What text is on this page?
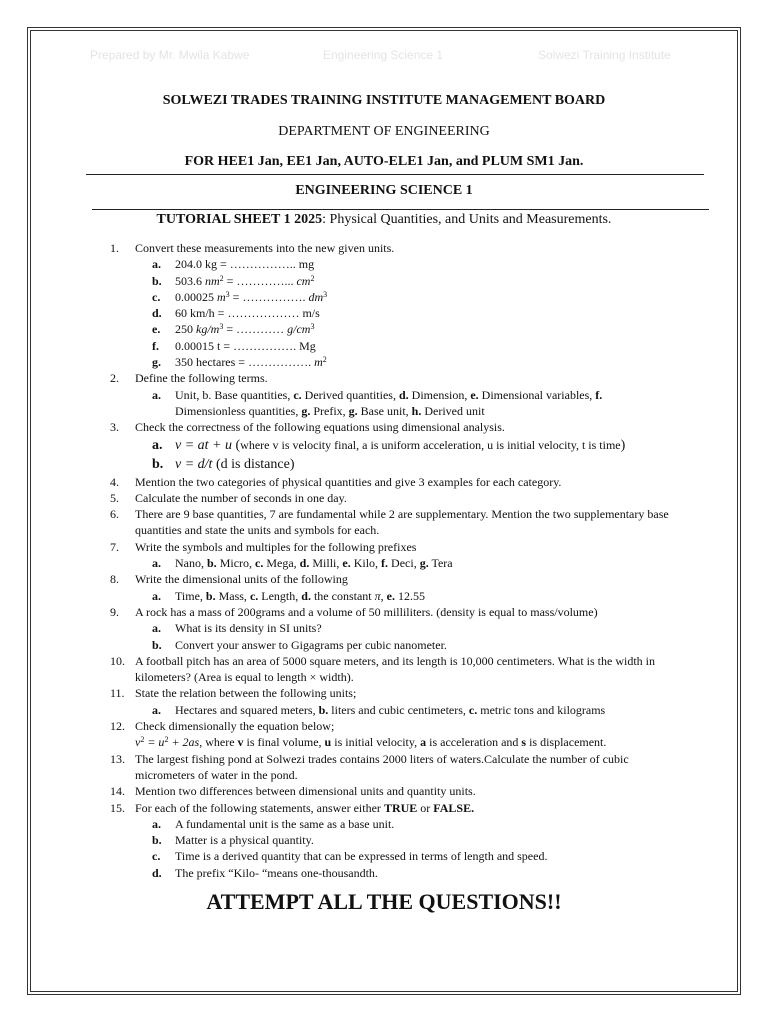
Prepared by Mr. Mwila Kabwe	Engineering Science 1	Solwezi Training Institute
SOLWEZI TRADES TRAINING INSTITUTE MANAGEMENT BOARD
DEPARTMENT OF ENGINEERING
FOR HEE1 Jan, EE1 Jan, AUTO-ELE1 Jan, and PLUM SM1 Jan.
ENGINEERING SCIENCE 1
TUTORIAL SHEET 1 2025: Physical Quantities, and Units and Measurements.
1. Convert these measurements into the new given units.
a. 204.0 kg = …………….. mg
b. 503.6 $nm^2$ = …………... $cm^2$
c. 0.00025 $m^3$ = ……………. $dm^3$
d. 60 km/h = ……………… m/s
e. 250 $kg/m^3$ = ………… $g/cm^3$
f. 0.00015 t = ……………. Mg
g. 350 hectares = ……………. $m^2$
2. Define the following terms.
a. Unit, b. Base quantities, c. Derived quantities, d. Dimension, e. Dimensional variables, f.
Dimensionless quantities, g. Prefix, g. Base unit, h. Derived unit
3. Check the correctness of the following equations using dimensional analysis.
a. v = at + u (where v is velocity final, a is uniform acceleration, u is initial velocity, t is time)
b. v = d/t (d is distance)
4. Mention the two categories of physical quantities and give 3 examples for each category.
5. Calculate the number of seconds in one day.
6. There are 9 base quantities, 7 are fundamental while 2 are supplementary. Mention the two supplementary base quantities and state the units and symbols for each.
7. Write the symbols and multiples for the following prefixes
a. Nano, b. Micro, c. Mega, d. Milli, e. Kilo, f. Deci, g. Tera
8. Write the dimensional units of the following
a. Time, b. Mass, c. Length, d. the constant π, e. 12.55
9. A rock has a mass of 200grams and a volume of 50 milliliters. (density is equal to mass/volume)
a. What is its density in SI units?
b. Convert your answer to Gigagrams per cubic nanometer.
10. A football pitch has an area of 5000 square meters, and its length is 10,000 centimeters. What is the width in kilometers? (Area is equal to length × width).
11. State the relation between the following units;
a. Hectares and squared meters, b. liters and cubic centimeters, c. metric tons and kilograms
12. Check dimensionally the equation below;
$v^2 = u^2 + 2as$, where v is final volume, u is initial velocity, a is acceleration and s is displacement.
13. The largest fishing pond at Solwezi trades contains 2000 liters of waters.Calculate the number of cubic micrometers of water in the pond.
14. Mention two differences between dimensional units and quantity units.
15. For each of the following statements, answer either TRUE or FALSE.
a. A fundamental unit is the same as a base unit.
b. Matter is a physical quantity.
c. Time is a derived quantity that can be expressed in terms of length and speed.
d. The prefix “Kilo- “means one-thousandth.
ATTEMPT ALL THE QUESTIONS!!
